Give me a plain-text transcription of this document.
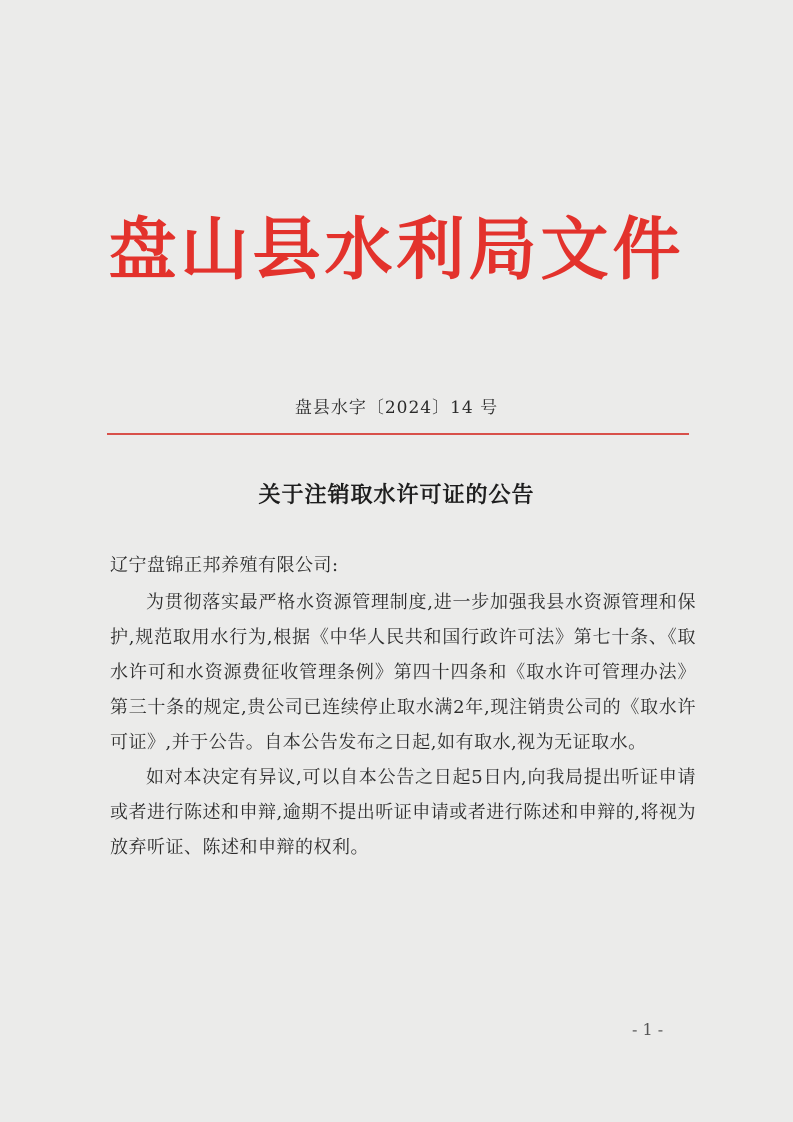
盘山县水利局文件
盘县水字〔2024〕14 号
关于注销取水许可证的公告

辽宁盘锦正邦养殖有限公司:

为贯彻落实最严格水资源管理制度,进一步加强我县水资源管理和保护,规范取用水行为,根据《中华人民共和国行政许可法》第七十条、《取水许可和水资源费征收管理条例》第四十四条和《取水许可管理办法》第三十条的规定,贵公司已连续停止取水满2年,现注销贵公司的《取水许可证》,并于公告。自本公告发布之日起,如有取水,视为无证取水。

如对本决定有异议,可以自本公告之日起5日内,向我局提出听证申请或者进行陈述和申辩,逾期不提出听证申请或者进行陈述和申辩的,将视为放弃听证、陈述和申辩的权利。

- 1 -
